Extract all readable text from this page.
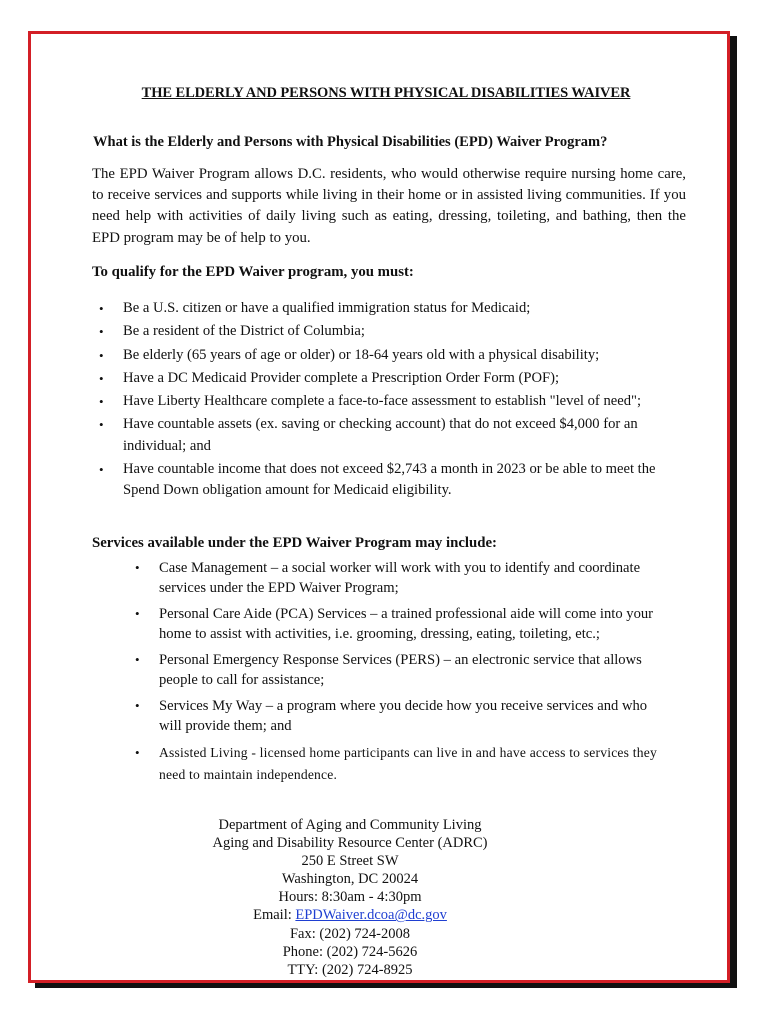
THE ELDERLY AND PERSONS WITH PHYSICAL DISABILITIES WAIVER
What is the Elderly and Persons with Physical Disabilities (EPD) Waiver Program?
The EPD Waiver Program allows D.C. residents, who would otherwise require nursing home care, to receive services and supports while living in their home or in assisted living communities. If you need help with activities of daily living such as eating, dressing, toileting, and bathing, then the EPD program may be of help to you.
To qualify for the EPD Waiver program, you must:
• Be a U.S. citizen or have a qualified immigration status for Medicaid;
• Be a resident of the District of Columbia;
• Be elderly (65 years of age or older) or 18-64 years old with a physical disability;
• Have a DC Medicaid Provider complete a Prescription Order Form (POF);
• Have Liberty Healthcare complete a face-to-face assessment to establish "level of need";
• Have countable assets (ex. saving or checking account) that do not exceed $4,000 for an individual; and
• Have countable income that does not exceed $2,743 a month in 2023 or be able to meet the Spend Down obligation amount for Medicaid eligibility.
Services available under the EPD Waiver Program may include:
• Case Management – a social worker will work with you to identify and coordinate services under the EPD Waiver Program;
• Personal Care Aide (PCA) Services – a trained professional aide will come into your home to assist with activities, i.e. grooming, dressing, eating, toileting, etc.;
• Personal Emergency Response Services (PERS) – an electronic service that allows people to call for assistance;
• Services My Way – a program where you decide how you receive services and who will provide them; and
• Assisted Living - licensed home participants can live in and have access to services they need to maintain independence.
Department of Aging and Community Living
Aging and Disability Resource Center (ADRC)
250 E Street SW
Washington, DC 20024
Hours: 8:30am - 4:30pm
Email: EPDWaiver.dcoa@dc.gov
Fax: (202) 724-2008
Phone: (202) 724-5626
TTY: (202) 724-8925
